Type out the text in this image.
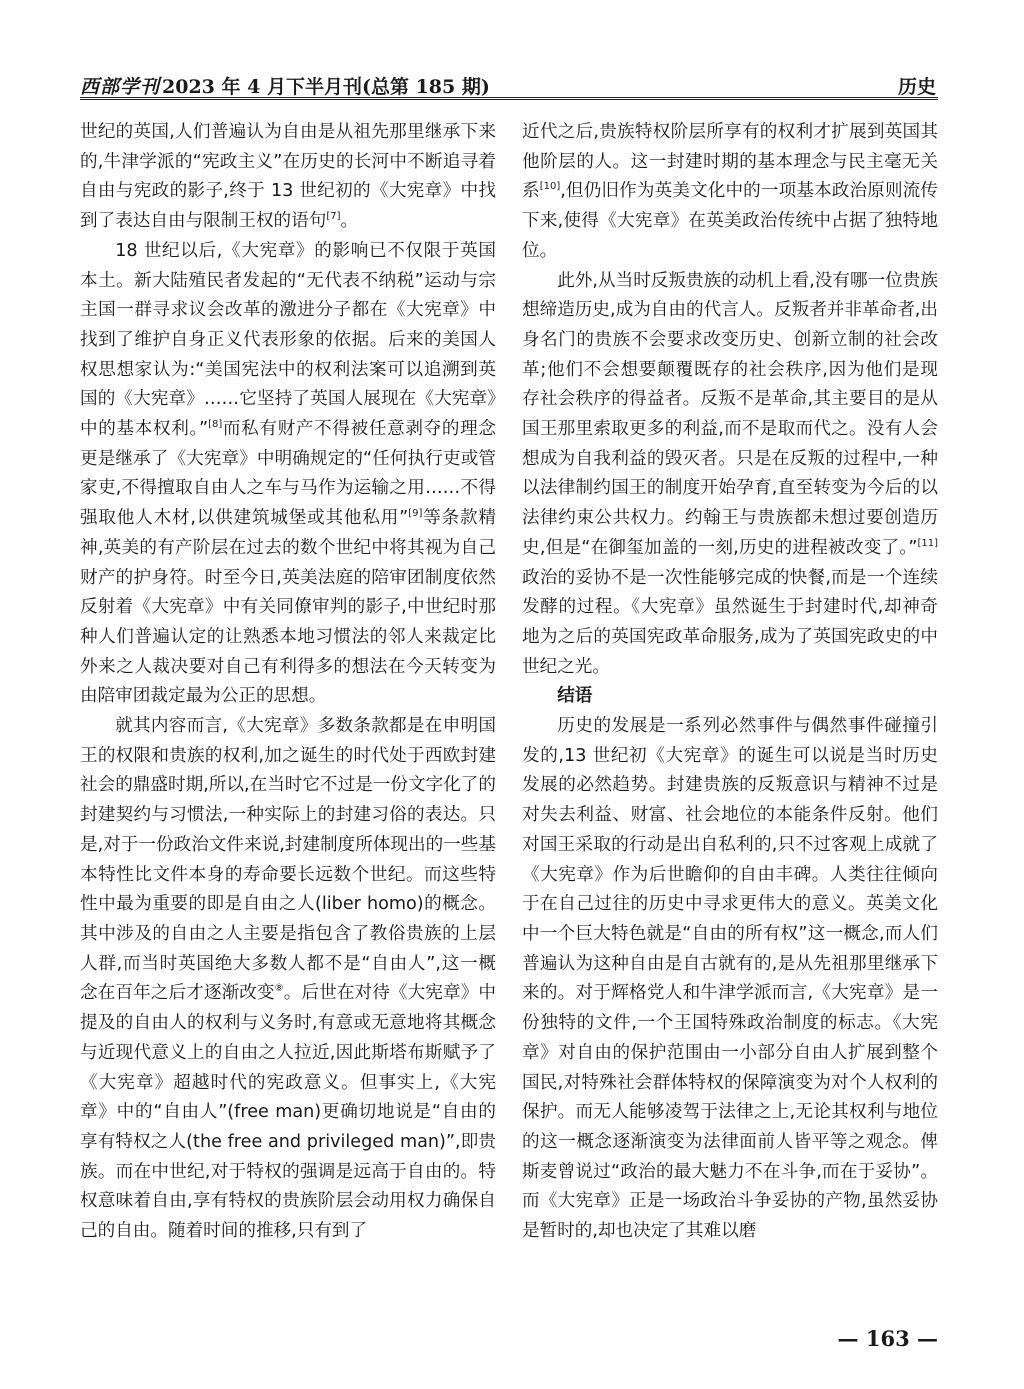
西部学刊 2023 年 4 月下半月刊(总第 185 期)	历史

世纪的英国,人们普遍认为自由是从祖先那里继承下来的,牛津学派的“宪政主义”在历史的长河中不断追寻着自由与宪政的影子,终于 13 世纪初的《大宪章》中找到了表达自由与限制王权的语句[7]。

18 世纪以后,《大宪章》的影响已不仅限于英国本土。新大陆殖民者发起的“无代表不纳税”运动与宗主国一群寻求议会改革的激进分子都在《大宪章》中找到了维护自身正义代表形象的依据。后来的美国人权思想家认为:“美国宪法中的权利法案可以追溯到英国的《大宪章》……它坚持了英国人展现在《大宪章》中的基本权利。”[8]而私有财产不得被任意剥夺的理念更是继承了《大宪章》中明确规定的“任何执行吏或管家吏,不得擅取自由人之车与马作为运输之用……不得强取他人木材,以供建筑城堡或其他私用”[9]等条款精神,英美的有产阶层在过去的数个世纪中将其视为自己财产的护身符。时至今日,英美法庭的陪审团制度依然反射着《大宪章》中有关同僚审判的影子,中世纪时那种人们普遍认定的让熟悉本地习惯法的邻人来裁定比外来之人裁决要对自己有利得多的想法在今天转变为由陪审团裁定最为公正的思想。

就其内容而言,《大宪章》多数条款都是在申明国王的权限和贵族的权利,加之诞生的时代处于西欧封建社会的鼎盛时期,所以,在当时它不过是一份文字化了的封建契约与习惯法,一种实际上的封建习俗的表达。只是,对于一份政治文件来说,封建制度所体现出的一些基本特性比文件本身的寿命要长远数个世纪。而这些特性中最为重要的即是自由之人(liber homo)的概念。其中涉及的自由之人主要是指包含了教俗贵族的上层人群,而当时英国绝大多数人都不是“自由人”,这一概念在百年之后才逐渐改变⑧。后世在对待《大宪章》中提及的自由人的权利与义务时,有意或无意地将其概念与近现代意义上的自由之人拉近,因此斯塔布斯赋予了《大宪章》超越时代的宪政意义。但事实上,《大宪章》中的“自由人”(free man)更确切地说是“自由的享有特权之人(the free and privileged man)”,即贵族。而在中世纪,对于特权的强调是远高于自由的。特权意味着自由,享有特权的贵族阶层会动用权力确保自己的自由。随着时间的推移,只有到了

近代之后,贵族特权阶层所享有的权利才扩展到英国其他阶层的人。这一封建时期的基本理念与民主毫无关系[10],但仍旧作为英美文化中的一项基本政治原则流传下来,使得《大宪章》在英美政治传统中占据了独特地位。

此外,从当时反叛贵族的动机上看,没有哪一位贵族想缔造历史,成为自由的代言人。反叛者并非革命者,出身名门的贵族不会要求改变历史、创新立制的社会改革;他们不会想要颠覆既存的社会秩序,因为他们是现存社会秩序的得益者。反叛不是革命,其主要目的是从国王那里索取更多的利益,而不是取而代之。没有人会想成为自我利益的毁灭者。只是在反叛的过程中,一种以法律制约国王的制度开始孕育,直至转变为今后的以法律约束公共权力。约翰王与贵族都未想过要创造历史,但是“在御玺加盖的一刻,历史的进程被改变了。”[11]政治的妥协不是一次性能够完成的快餐,而是一个连续发酵的过程。《大宪章》虽然诞生于封建时代,却神奇地为之后的英国宪政革命服务,成为了英国宪政史的中世纪之光。

结语

历史的发展是一系列必然事件与偶然事件碰撞引发的,13 世纪初《大宪章》的诞生可以说是当时历史发展的必然趋势。封建贵族的反叛意识与精神不过是对失去利益、财富、社会地位的本能条件反射。他们对国王采取的行动是出自私利的,只不过客观上成就了《大宪章》作为后世瞻仰的自由丰碑。人类往往倾向于在自己过往的历史中寻求更伟大的意义。英美文化中一个巨大特色就是“自由的所有权”这一概念,而人们普遍认为这种自由是自古就有的,是从先祖那里继承下来的。对于辉格党人和牛津学派而言,《大宪章》是一份独特的文件,一个王国特殊政治制度的标志。《大宪章》对自由的保护范围由一小部分自由人扩展到整个国民,对特殊社会群体特权的保障演变为对个人权利的保护。而无人能够凌驾于法律之上,无论其权利与地位的这一概念逐渐演变为法律面前人皆平等之观念。俾斯麦曾说过“政治的最大魅力不在斗争,而在于妥协”。而《大宪章》正是一场政治斗争妥协的产物,虽然妥协是暂时的,却也决定了其难以磨

— 163 —
